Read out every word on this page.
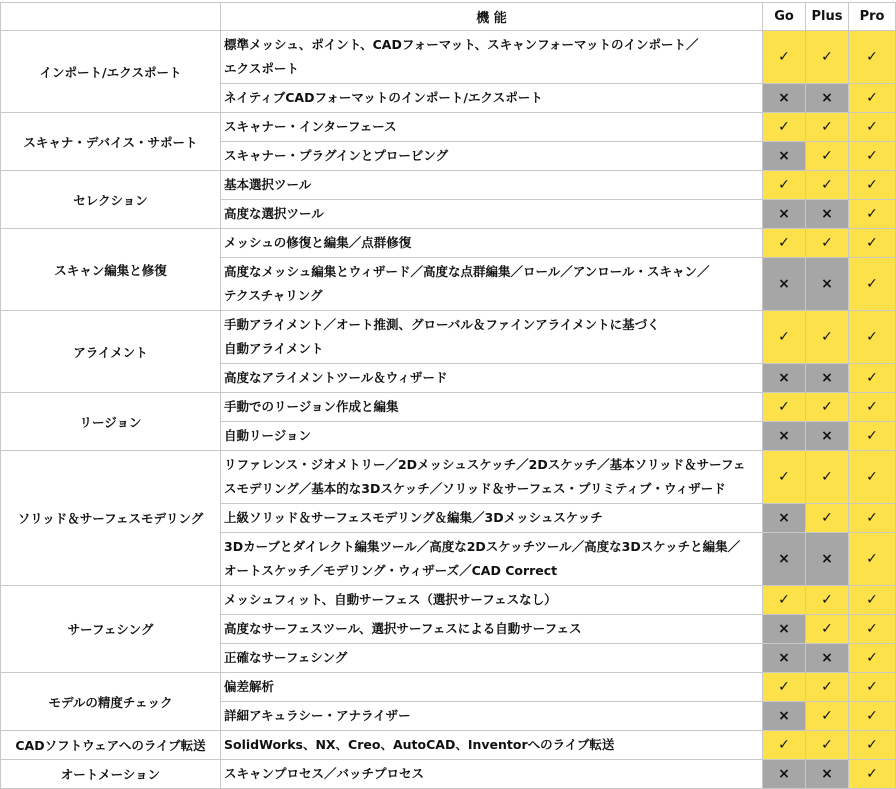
	機 能	Go	Plus	Pro
インポート/エクスポート	標準メッシュ、ポイント、CADフォーマット、スキャンフォーマットのインポート／
エクスポート	✓	✓	✓

	ネイティブCADフォーマットのインポート/エクスポート	×	×	✓
スキャナ・デバイス・サポート	スキャナー・インターフェース	✓	✓	✓

	スキャナー・プラグインとプロービング	×	✓	✓
セレクション	基本選択ツール	✓	✓	✓

	高度な選択ツール	×	×	✓
スキャン編集と修復	メッシュの修復と編集／点群修復	✓	✓	✓

	高度なメッシュ編集とウィザード／高度な点群編集／ロール／アンロール・スキャン／
テクスチャリング	×	×	✓
アライメント	手動アライメント／オート推測、グローバル＆ファインアライメントに基づく
自動アライメント	✓	✓	✓

	高度なアライメントツール＆ウィザード	×	×	✓
リージョン	手動でのリージョン作成と編集	✓	✓	✓

	自動リージョン	×	×	✓
ソリッド＆サーフェスモデリング	リファレンス・ジオメトリー／2Dメッシュスケッチ／2Dスケッチ／基本ソリッド＆サーフェ
スモデリング／基本的な3Dスケッチ／ソリッド＆サーフェス・プリミティブ・ウィザード	✓	✓	✓

	上級ソリッド＆サーフェスモデリング＆編集／3Dメッシュスケッチ	×	✓	✓

	3Dカーブとダイレクト編集ツール／高度な2Dスケッチツール／高度な3Dスケッチと編集／
オートスケッチ／モデリング・ウィザーズ／CAD Correct	×	×	✓
サーフェシング	メッシュフィット、自動サーフェス（選択サーフェスなし）	✓	✓	✓

	高度なサーフェスツール、選択サーフェスによる自動サーフェス	×	✓	✓

	正確なサーフェシング	×	×	✓
モデルの精度チェック	偏差解析	✓	✓	✓

	詳細アキュラシー・アナライザー	×	✓	✓
CADソフトウェアへのライブ転送	SolidWorks、NX、Creo、AutoCAD、Inventorへのライブ転送	✓	✓	✓
オートメーション	スキャンプロセス／バッチプロセス	×	×	✓
